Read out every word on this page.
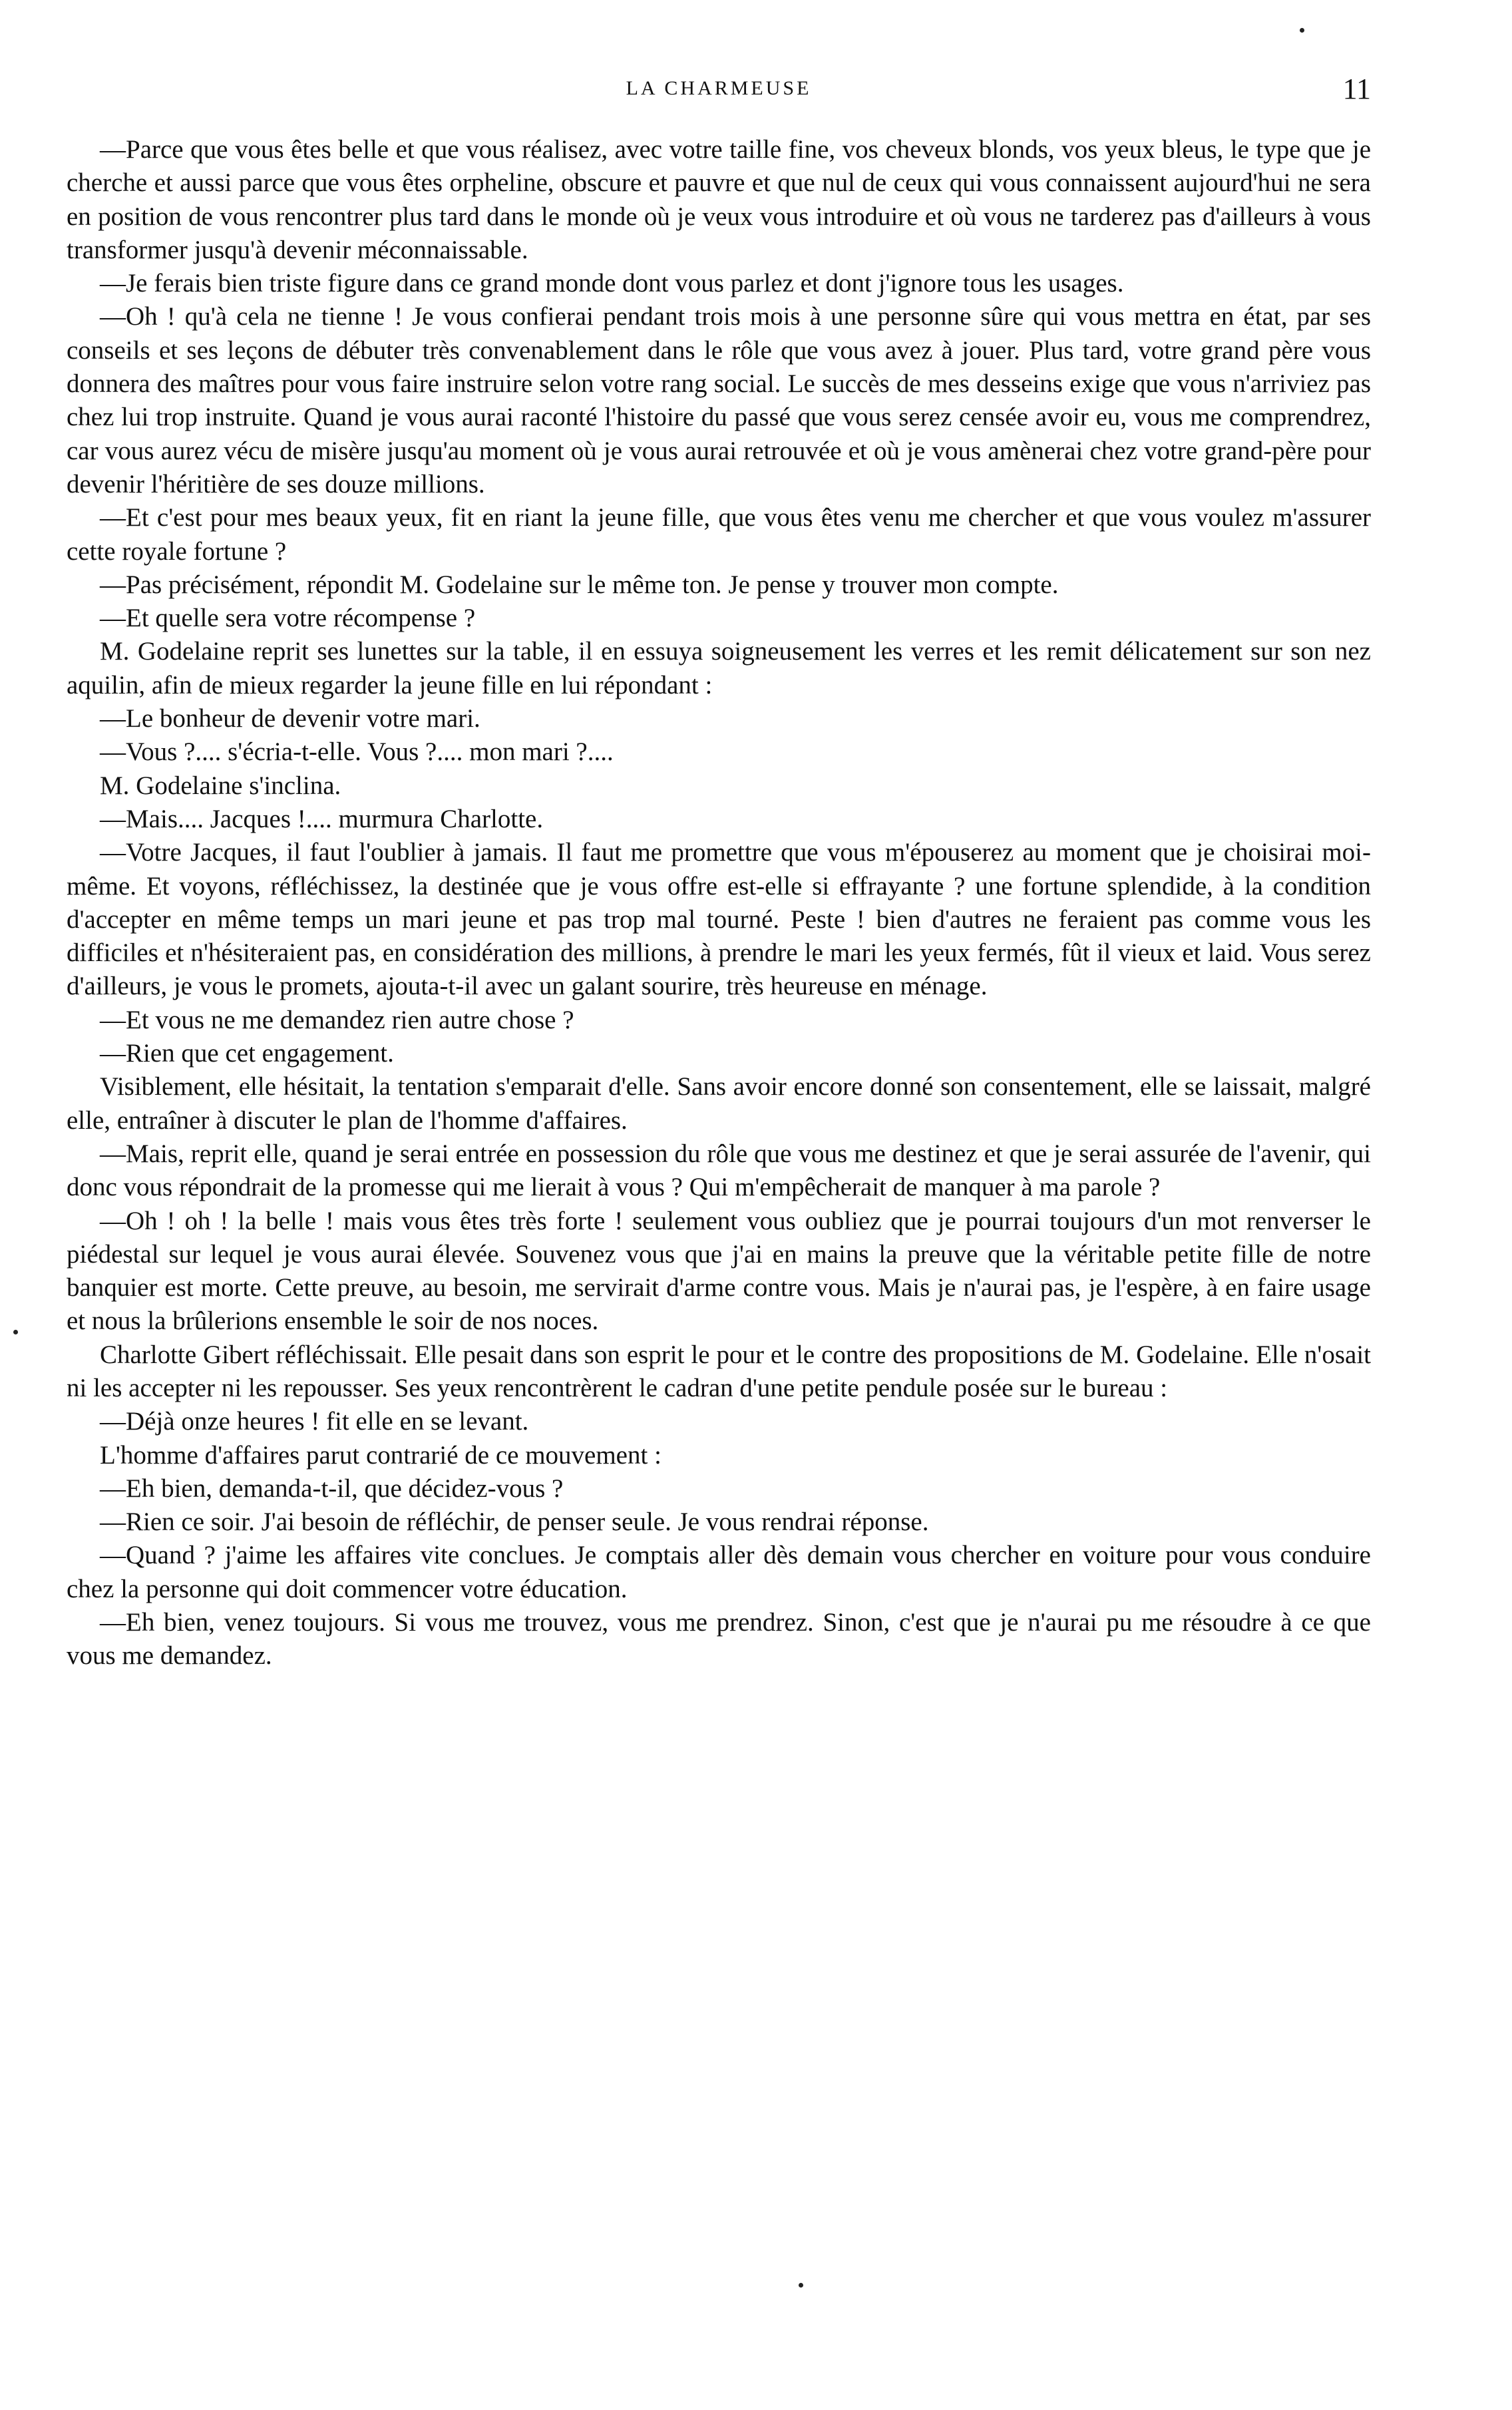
LA CHARMEUSE	11

—Parce que vous êtes belle et que vous réalisez, avec votre taille fine, vos cheveux blonds, vos yeux bleus, le type que je cherche et aussi parce que vous êtes orpheline, obscure et pauvre et que nul de ceux qui vous connaissent aujourd'hui ne sera en position de vous rencontrer plus tard dans le monde où je veux vous introduire et où vous ne tarderez pas d'ailleurs à vous transformer jusqu'à devenir méconnaissable.

—Je ferais bien triste figure dans ce grand monde dont vous parlez et dont j'ignore tous les usages.

—Oh ! qu'à cela ne tienne ! Je vous confierai pendant trois mois à une personne sûre qui vous mettra en état, par ses conseils et ses leçons de débuter très convenablement dans le rôle que vous avez à jouer. Plus tard, votre grand père vous donnera des maîtres pour vous faire instruire selon votre rang social. Le succès de mes desseins exige que vous n'arriviez pas chez lui trop instruite. Quand je vous aurai raconté l'histoire du passé que vous serez censée avoir eu, vous me comprendrez, car vous aurez vécu de misère jusqu'au moment où je vous aurai retrouvée et où je vous amènerai chez votre grand-père pour devenir l'héritière de ses douze millions.

—Et c'est pour mes beaux yeux, fit en riant la jeune fille, que vous êtes venu me chercher et que vous voulez m'assurer cette royale fortune ?

—Pas précisément, répondit M. Godelaine sur le même ton. Je pense y trouver mon compte.

—Et quelle sera votre récompense ?

M. Godelaine reprit ses lunettes sur la table, il en essuya soigneusement les verres et les remit délicatement sur son nez aquilin, afin de mieux regarder la jeune fille en lui répondant :

—Le bonheur de devenir votre mari.

—Vous ?.... s'écria-t-elle. Vous ?.... mon mari ?....

M. Godelaine s'inclina.

—Mais.... Jacques !.... murmura Charlotte.

—Votre Jacques, il faut l'oublier à jamais. Il faut me promettre que vous m'épouserez au moment que je choisirai moi-même. Et voyons, réfléchissez, la destinée que je vous offre est-elle si effrayante ? une fortune splendide, à la condition d'accepter en même temps un mari jeune et pas trop mal tourné. Peste ! bien d'autres ne feraient pas comme vous les difficiles et n'hésiteraient pas, en considération des millions, à prendre le mari les yeux fermés, fût il vieux et laid. Vous serez d'ailleurs, je vous le promets, ajouta-t-il avec un galant sourire, très heureuse en ménage.

—Et vous ne me demandez rien autre chose ?

—Rien que cet engagement.

Visiblement, elle hésitait, la tentation s'emparait d'elle. Sans avoir encore donné son consentement, elle se laissait, malgré elle, entraîner à discuter le plan de l'homme d'affaires.

—Mais, reprit elle, quand je serai entrée en possession du rôle que vous me destinez et que je serai assurée de l'avenir, qui donc vous répondrait de la promesse qui me lierait à vous ? Qui m'empêcherait de manquer à ma parole ?

—Oh ! oh ! la belle ! mais vous êtes très forte ! seulement vous oubliez que je pourrai toujours d'un mot renverser le piédestal sur lequel je vous aurai élevée. Souvenez vous que j'ai en mains la preuve que la véritable petite fille de notre banquier est morte. Cette preuve, au besoin, me servirait d'arme contre vous. Mais je n'aurai pas, je l'espère, à en faire usage et nous la brûlerions ensemble le soir de nos noces.

Charlotte Gibert réfléchissait. Elle pesait dans son esprit le pour et le contre des propositions de M. Godelaine. Elle n'osait ni les accepter ni les repousser. Ses yeux rencontrèrent le cadran d'une petite pendule posée sur le bureau :

—Déjà onze heures ! fit elle en se levant.

L'homme d'affaires parut contrarié de ce mouvement :

—Eh bien, demanda-t-il, que décidez-vous ?

—Rien ce soir. J'ai besoin de réfléchir, de penser seule. Je vous rendrai réponse.

—Quand ? j'aime les affaires vite conclues. Je comptais aller dès demain vous chercher en voiture pour vous conduire chez la personne qui doit commencer votre éducation.

—Eh bien, venez toujours. Si vous me trouvez, vous me prendrez. Sinon, c'est que je n'aurai pu me résoudre à ce que vous me demandez.
